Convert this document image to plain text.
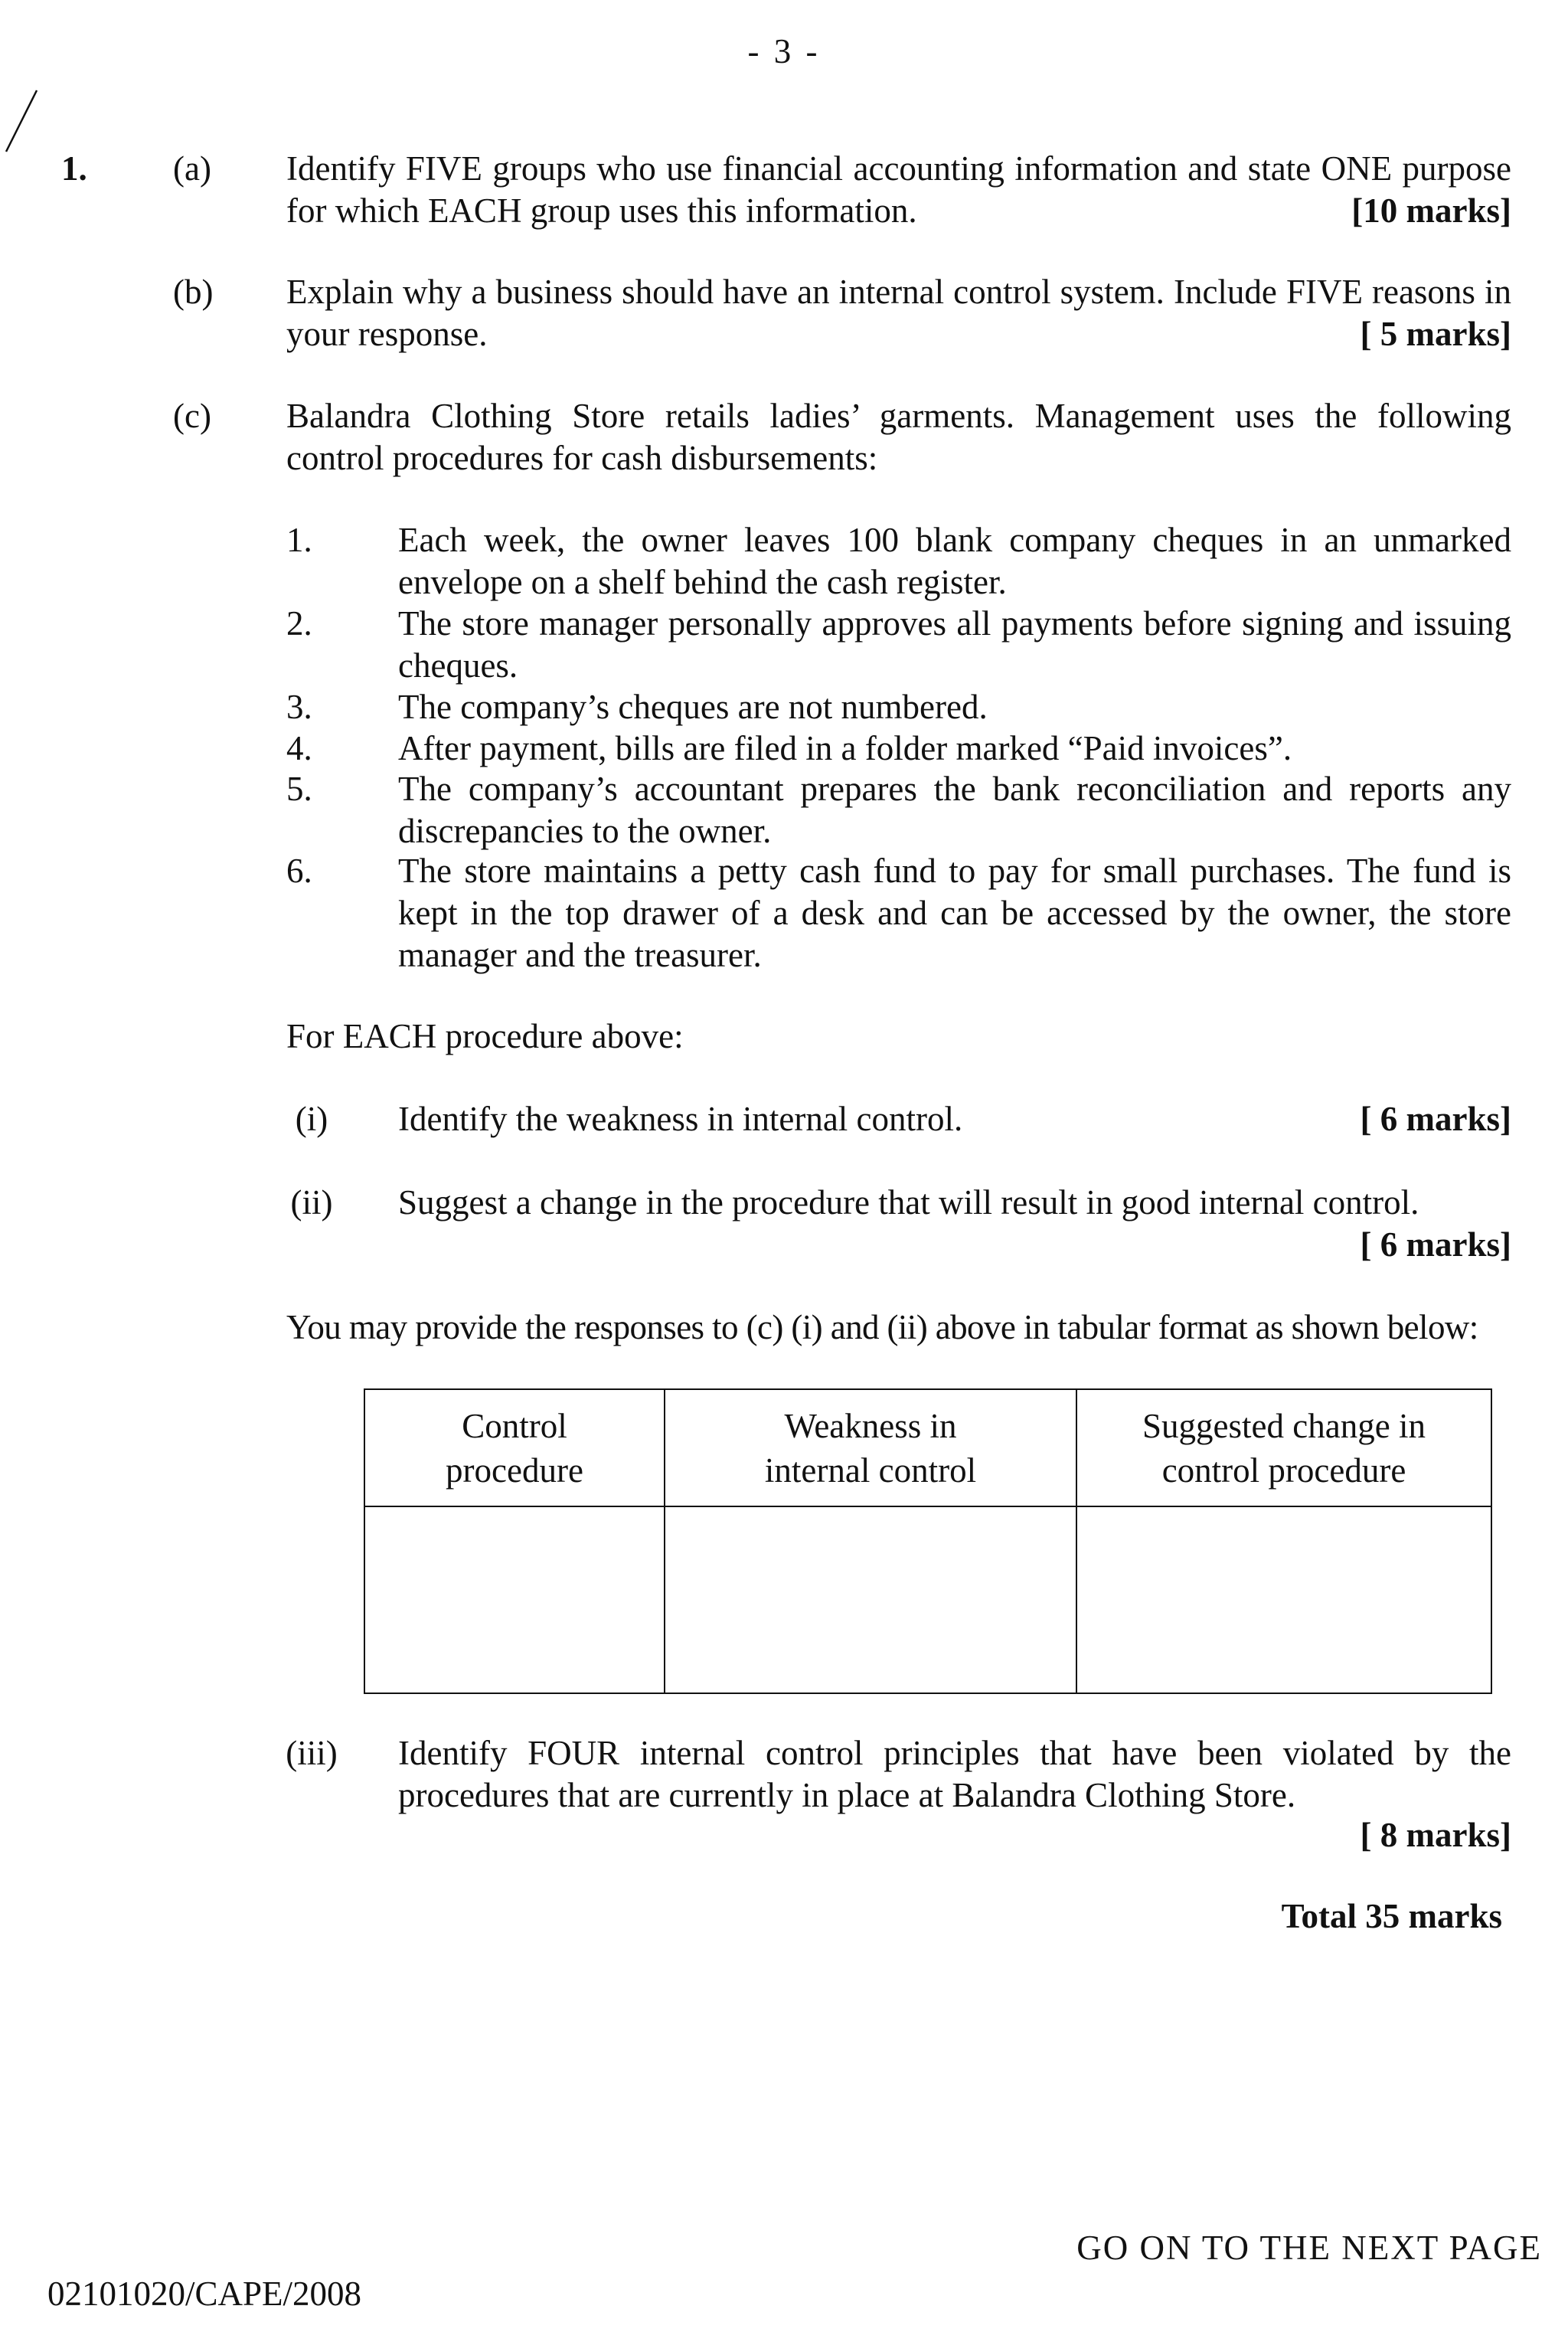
- 3 -
1. (a) Identify FIVE groups who use financial accounting information and state ONE purpose for which EACH group uses this information.	[10 marks]
(b) Explain why a business should have an internal control system. Include FIVE reasons in your response.	[ 5 marks]
(c) Balandra Clothing Store retails ladies’ garments. Management uses the following control procedures for cash disbursements:
1. Each week, the owner leaves 100 blank company cheques in an unmarked envelope on a shelf behind the cash register.
2. The store manager personally approves all payments before signing and issuing cheques.
3. The company’s cheques are not numbered.
4. After payment, bills are filed in a folder marked “Paid invoices”.
5. The company’s accountant prepares the bank reconciliation and reports any discrepancies to the owner.
6. The store maintains a petty cash fund to pay for small purchases. The fund is kept in the top drawer of a desk and can be accessed by the owner, the store manager and the treasurer.
For EACH procedure above:
(i)	Identify the weakness in internal control.	[ 6 marks]
(ii)	Suggest a change in the procedure that will result in good internal control.
[ 6 marks]
You may provide the responses to (c) (i) and (ii) above in tabular format as shown below:
Control procedure	Weakness in internal control	Suggested change in control procedure

(iii)	Identify FOUR internal control principles that have been violated by the procedures that are currently in place at Balandra Clothing Store.
[ 8 marks]
Total 35 marks
GO ON TO THE NEXT PAGE
02101020/CAPE/2008
